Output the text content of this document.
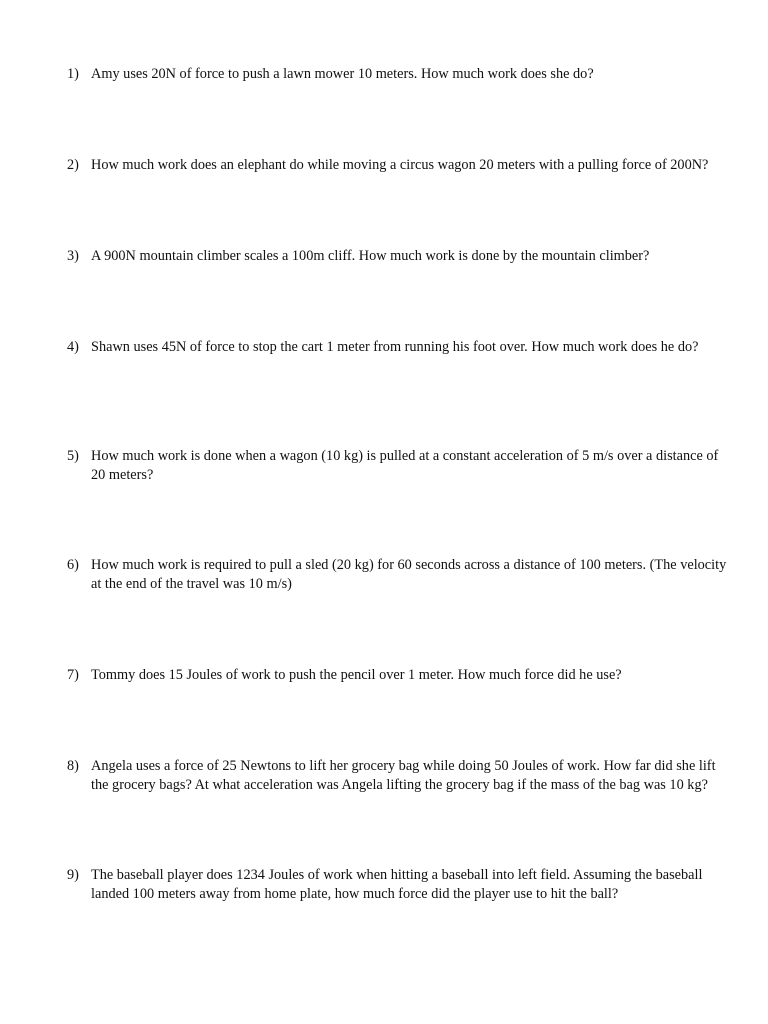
1) Amy uses 20N of force to push a lawn mower 10 meters. How much work does she do?
2) How much work does an elephant do while moving a circus wagon 20 meters with a pulling force of 200N?
3) A 900N mountain climber scales a 100m cliff. How much work is done by the mountain climber?
4) Shawn uses 45N of force to stop the cart 1 meter from running his foot over. How much work does he do?
5) How much work is done when a wagon (10 kg) is pulled at a constant acceleration of 5 m/s over a distance of 20 meters?
6) How much work is required to pull a sled (20 kg) for 60 seconds across a distance of 100 meters. (The velocity at the end of the travel was 10 m/s)
7) Tommy does 15 Joules of work to push the pencil over 1 meter. How much force did he use?
8) Angela uses a force of 25 Newtons to lift her grocery bag while doing 50 Joules of work. How far did she lift the grocery bags? At what acceleration was Angela lifting the grocery bag if the mass of the bag was 10 kg?
9) The baseball player does 1234 Joules of work when hitting a baseball into left field. Assuming the baseball landed 100 meters away from home plate, how much force did the player use to hit the ball?
